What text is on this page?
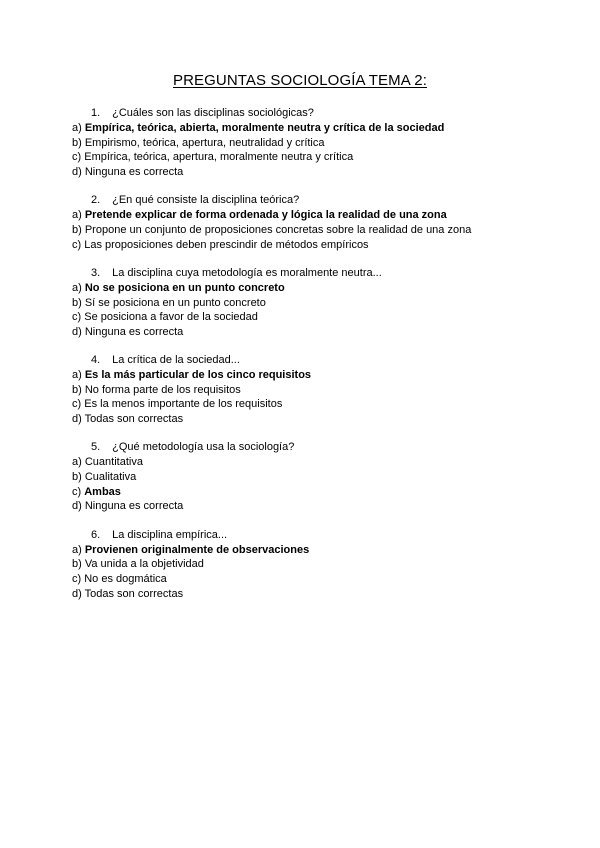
PREGUNTAS SOCIOLOGÍA TEMA 2:
1. ¿Cuáles son las disciplinas sociológicas?
a) Empírica, teórica, abierta, moralmente neutra y crítica de la sociedad
b) Empirismo, teórica, apertura, neutralidad y crítica
c) Empírica, teórica, apertura, moralmente neutra y crítica
d) Ninguna es correcta
2. ¿En qué consiste la disciplina teórica?
a) Pretende explicar de forma ordenada y lógica la realidad de una zona
b) Propone un conjunto de proposiciones concretas sobre la realidad de una zona
c) Las proposiciones deben prescindir de métodos empíricos
3. La disciplina cuya metodología es moralmente neutra...
a) No se posiciona en un punto concreto
b) Sí se posiciona en un punto concreto
c) Se posiciona a favor de la sociedad
d) Ninguna es correcta
4. La crítica de la sociedad...
a) Es la más particular de los cinco requisitos
b) No forma parte de los requisitos
c) Es la menos importante de los requisitos
d) Todas son correctas
5. ¿Qué metodología usa la sociología?
a) Cuantitativa
b) Cualitativa
c) Ambas
d) Ninguna es correcta
6. La disciplina empírica...
a) Provienen originalmente de observaciones
b) Va unida a la objetividad
c) No es dogmática
d) Todas son correctas
